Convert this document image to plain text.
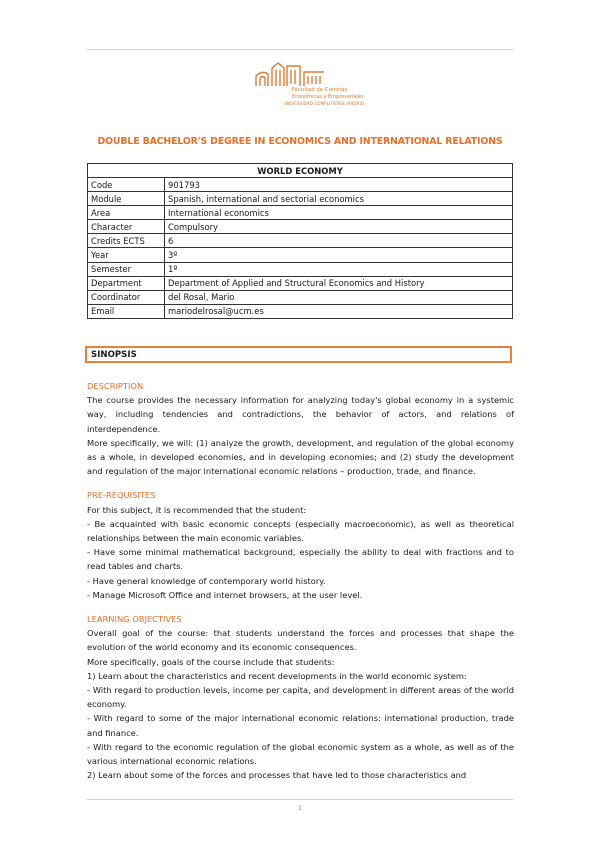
Facultad de Ciencias
Económicas y Empresariales
UNIVERSIDAD COMPLUTENSE MADRID
DOUBLE BACHELOR'S DEGREE IN ECONOMICS AND INTERNATIONAL RELATIONS
WORLD ECONOMY	
Code	901793
Module	Spanish, international and sectorial economics
Area	International economics
Character	Compulsory
Credits ECTS	6
Year	3º
Semester	1º
Department	Department of Applied and Structural Economics and History
Coordinator	del Rosal, Mario
Email	mariodelrosal@ucm.es
SINOPSIS

DESCRIPTION

The course provides the necessary information for analyzing today's global economy in a systemic way, including tendencies and contradictions, the behavior of actors, and relations of interdependence.

More specifically, we will: (1) analyze the growth, development, and regulation of the global economy as a whole, in developed economies, and in developing economies; and (2) study the development and regulation of the major international economic relations – production, trade, and finance.

PRE-REQUISITES

For this subject, it is recommended that the student:

- Be acquainted with basic economic concepts (especially macroeconomic), as well as theoretical relationships between the main economic variables.

- Have some minimal mathematical background, especially the ability to deal with fractions and to read tables and charts.

- Have general knowledge of contemporary world history.

- Manage Microsoft Office and internet browsers, at the user level.

LEARNING OBJECTIVES

Overall goal of the course: that students understand the forces and processes that shape the evolution of the world economy and its economic consequences.

More specifically, goals of the course include that students:

1) Learn about the characteristics and recent developments in the world economic system:

- With regard to production levels, income per capita, and development in different areas of the world economy.

- With regard to some of the major international economic relations: international production, trade and finance.

- With regard to the economic regulation of the global economic system as a whole, as well as of the various international economic relations.

2) Learn about some of the forces and processes that have led to those characteristics and

1
